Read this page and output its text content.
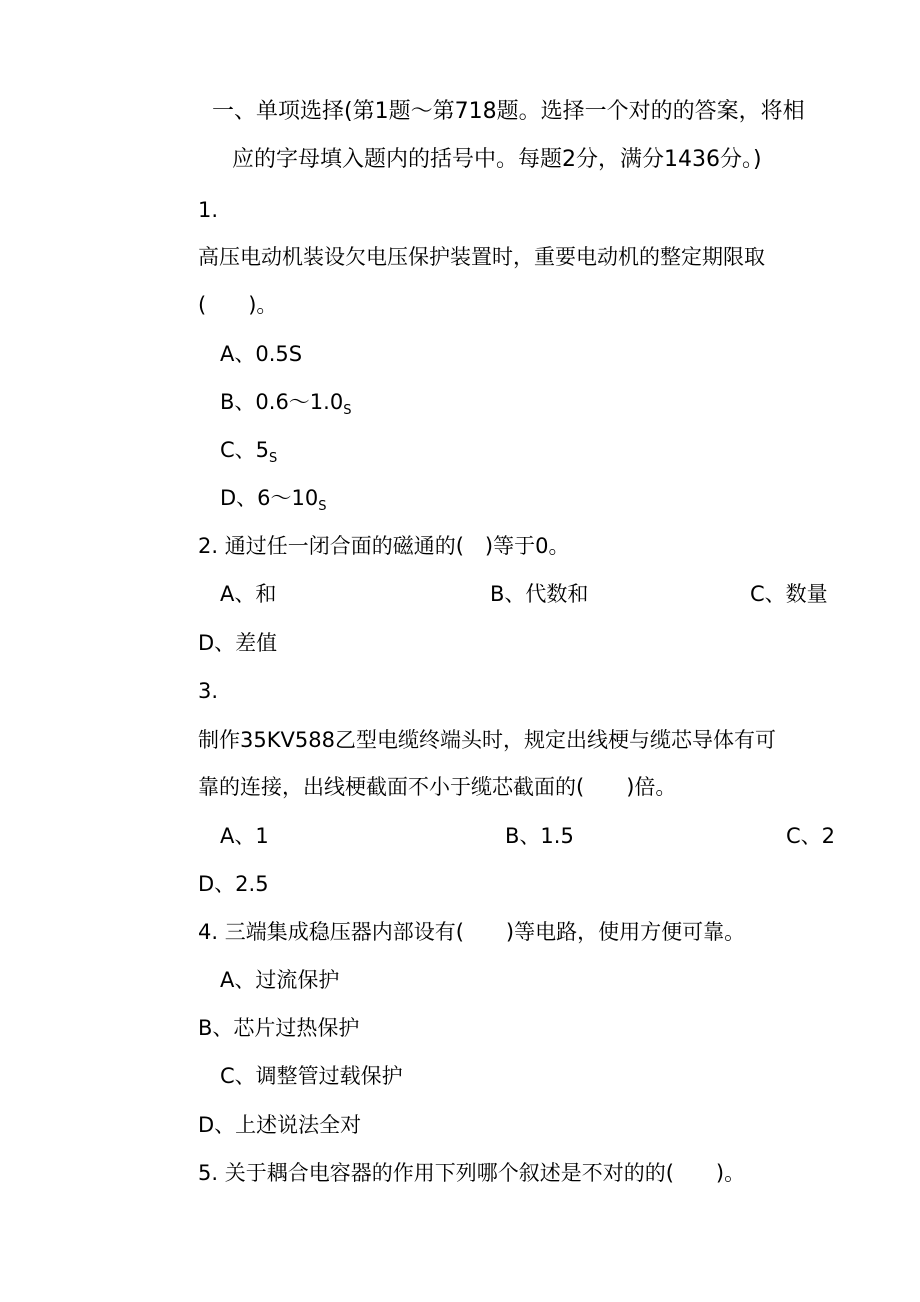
一、单项选择(第1题～第718题。选择一个对的的答案，将相
应的字母填入题内的括号中。每题2分，满分1436分。)
1.
高压电动机装设欠电压保护装置时，重要电动机的整定期限取
(　　)。
A、0.5S
B、$0.6\sim 1.0_S$
C、$5_S$
D、$6\sim 10_S$
2. 通过任一闭合面的磁通的(　)等于0。
A、和	B、代数和	C、数量
D、差值
3.
制作35KV588乙型电缆终端头时，规定出线梗与缆芯导体有可
靠的连接，出线梗截面不小于缆芯截面的(　　)倍。
A、1	B、1.5	C、2
D、2.5
4. 三端集成稳压器内部设有(　　)等电路，使用方便可靠。
A、过流保护
B、芯片过热保护
C、调整管过载保护
D、上述说法全对
5. 关于耦合电容器的作用下列哪个叙述是不对的的(　　)。
